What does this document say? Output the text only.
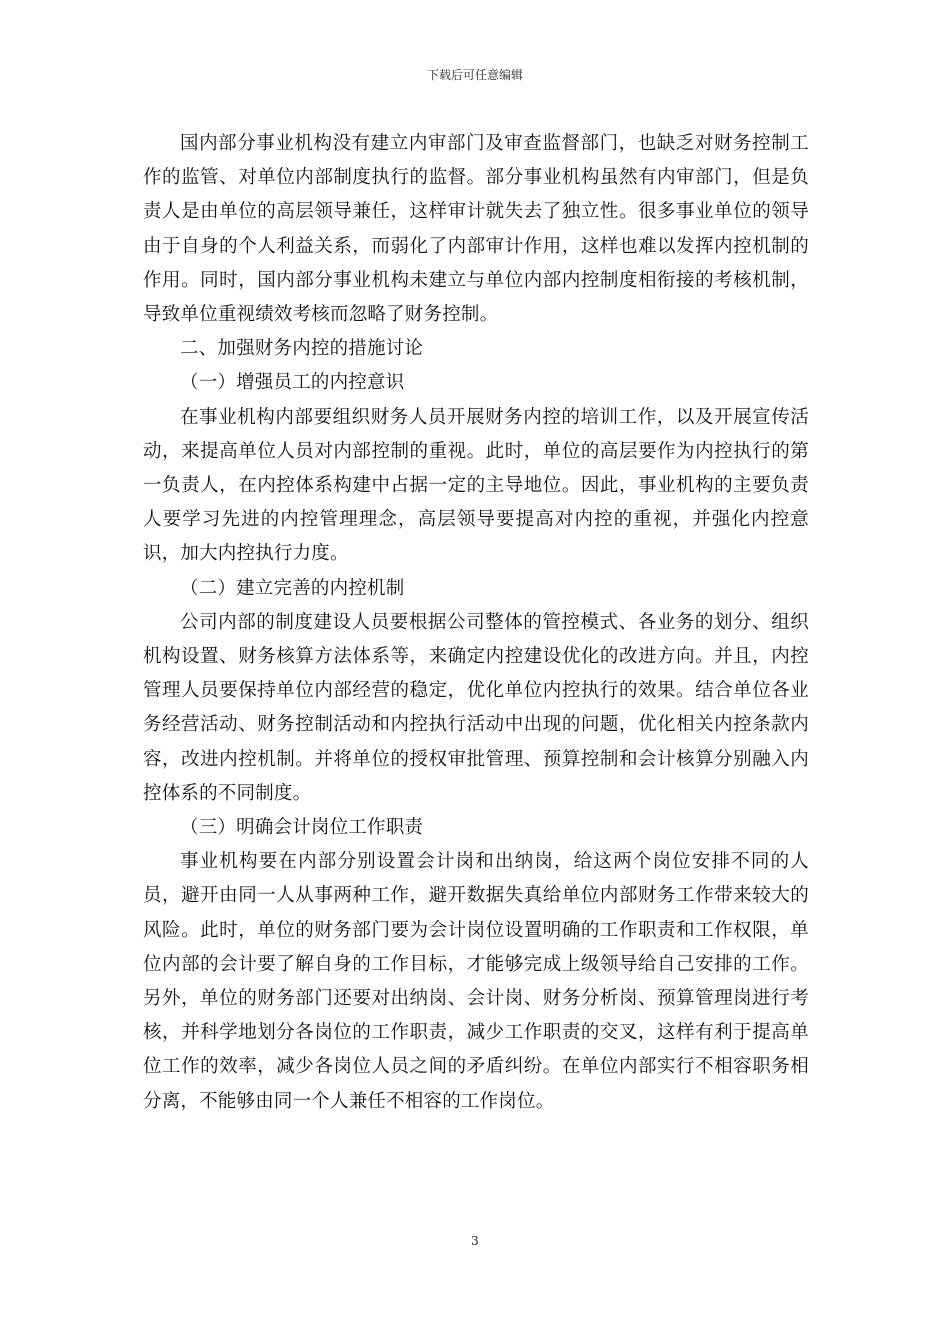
下载后可任意编辑

国内部分事业机构没有建立内审部门及审查监督部门，也缺乏对财务控制工作的监管、对单位内部制度执行的监督。部分事业机构虽然有内审部门，但是负责人是由单位的高层领导兼任，这样审计就失去了独立性。很多事业单位的领导由于自身的个人利益关系，而弱化了内部审计作用，这样也难以发挥内控机制的作用。同时，国内部分事业机构未建立与单位内部内控制度相衔接的考核机制，导致单位重视绩效考核而忽略了财务控制。

二、加强财务内控的措施讨论

（一）增强员工的内控意识

在事业机构内部要组织财务人员开展财务内控的培训工作，以及开展宣传活动，来提高单位人员对内部控制的重视。此时，单位的高层要作为内控执行的第一负责人，在内控体系构建中占据一定的主导地位。因此，事业机构的主要负责人要学习先进的内控管理理念，高层领导要提高对内控的重视，并强化内控意识，加大内控执行力度。

（二）建立完善的内控机制

公司内部的制度建设人员要根据公司整体的管控模式、各业务的划分、组织机构设置、财务核算方法体系等，来确定内控建设优化的改进方向。并且，内控管理人员要保持单位内部经营的稳定，优化单位内控执行的效果。结合单位各业务经营活动、财务控制活动和内控执行活动中出现的问题，优化相关内控条款内容，改进内控机制。并将单位的授权审批管理、预算控制和会计核算分别融入内控体系的不同制度。

（三）明确会计岗位工作职责

事业机构要在内部分别设置会计岗和出纳岗，给这两个岗位安排不同的人员，避开由同一人从事两种工作，避开数据失真给单位内部财务工作带来较大的风险。此时，单位的财务部门要为会计岗位设置明确的工作职责和工作权限，单位内部的会计要了解自身的工作目标，才能够完成上级领导给自己安排的工作。另外，单位的财务部门还要对出纳岗、会计岗、财务分析岗、预算管理岗进行考核，并科学地划分各岗位的工作职责，减少工作职责的交叉，这样有利于提高单位工作的效率，减少各岗位人员之间的矛盾纠纷。在单位内部实行不相容职务相分离，不能够由同一个人兼任不相容的工作岗位。

3
